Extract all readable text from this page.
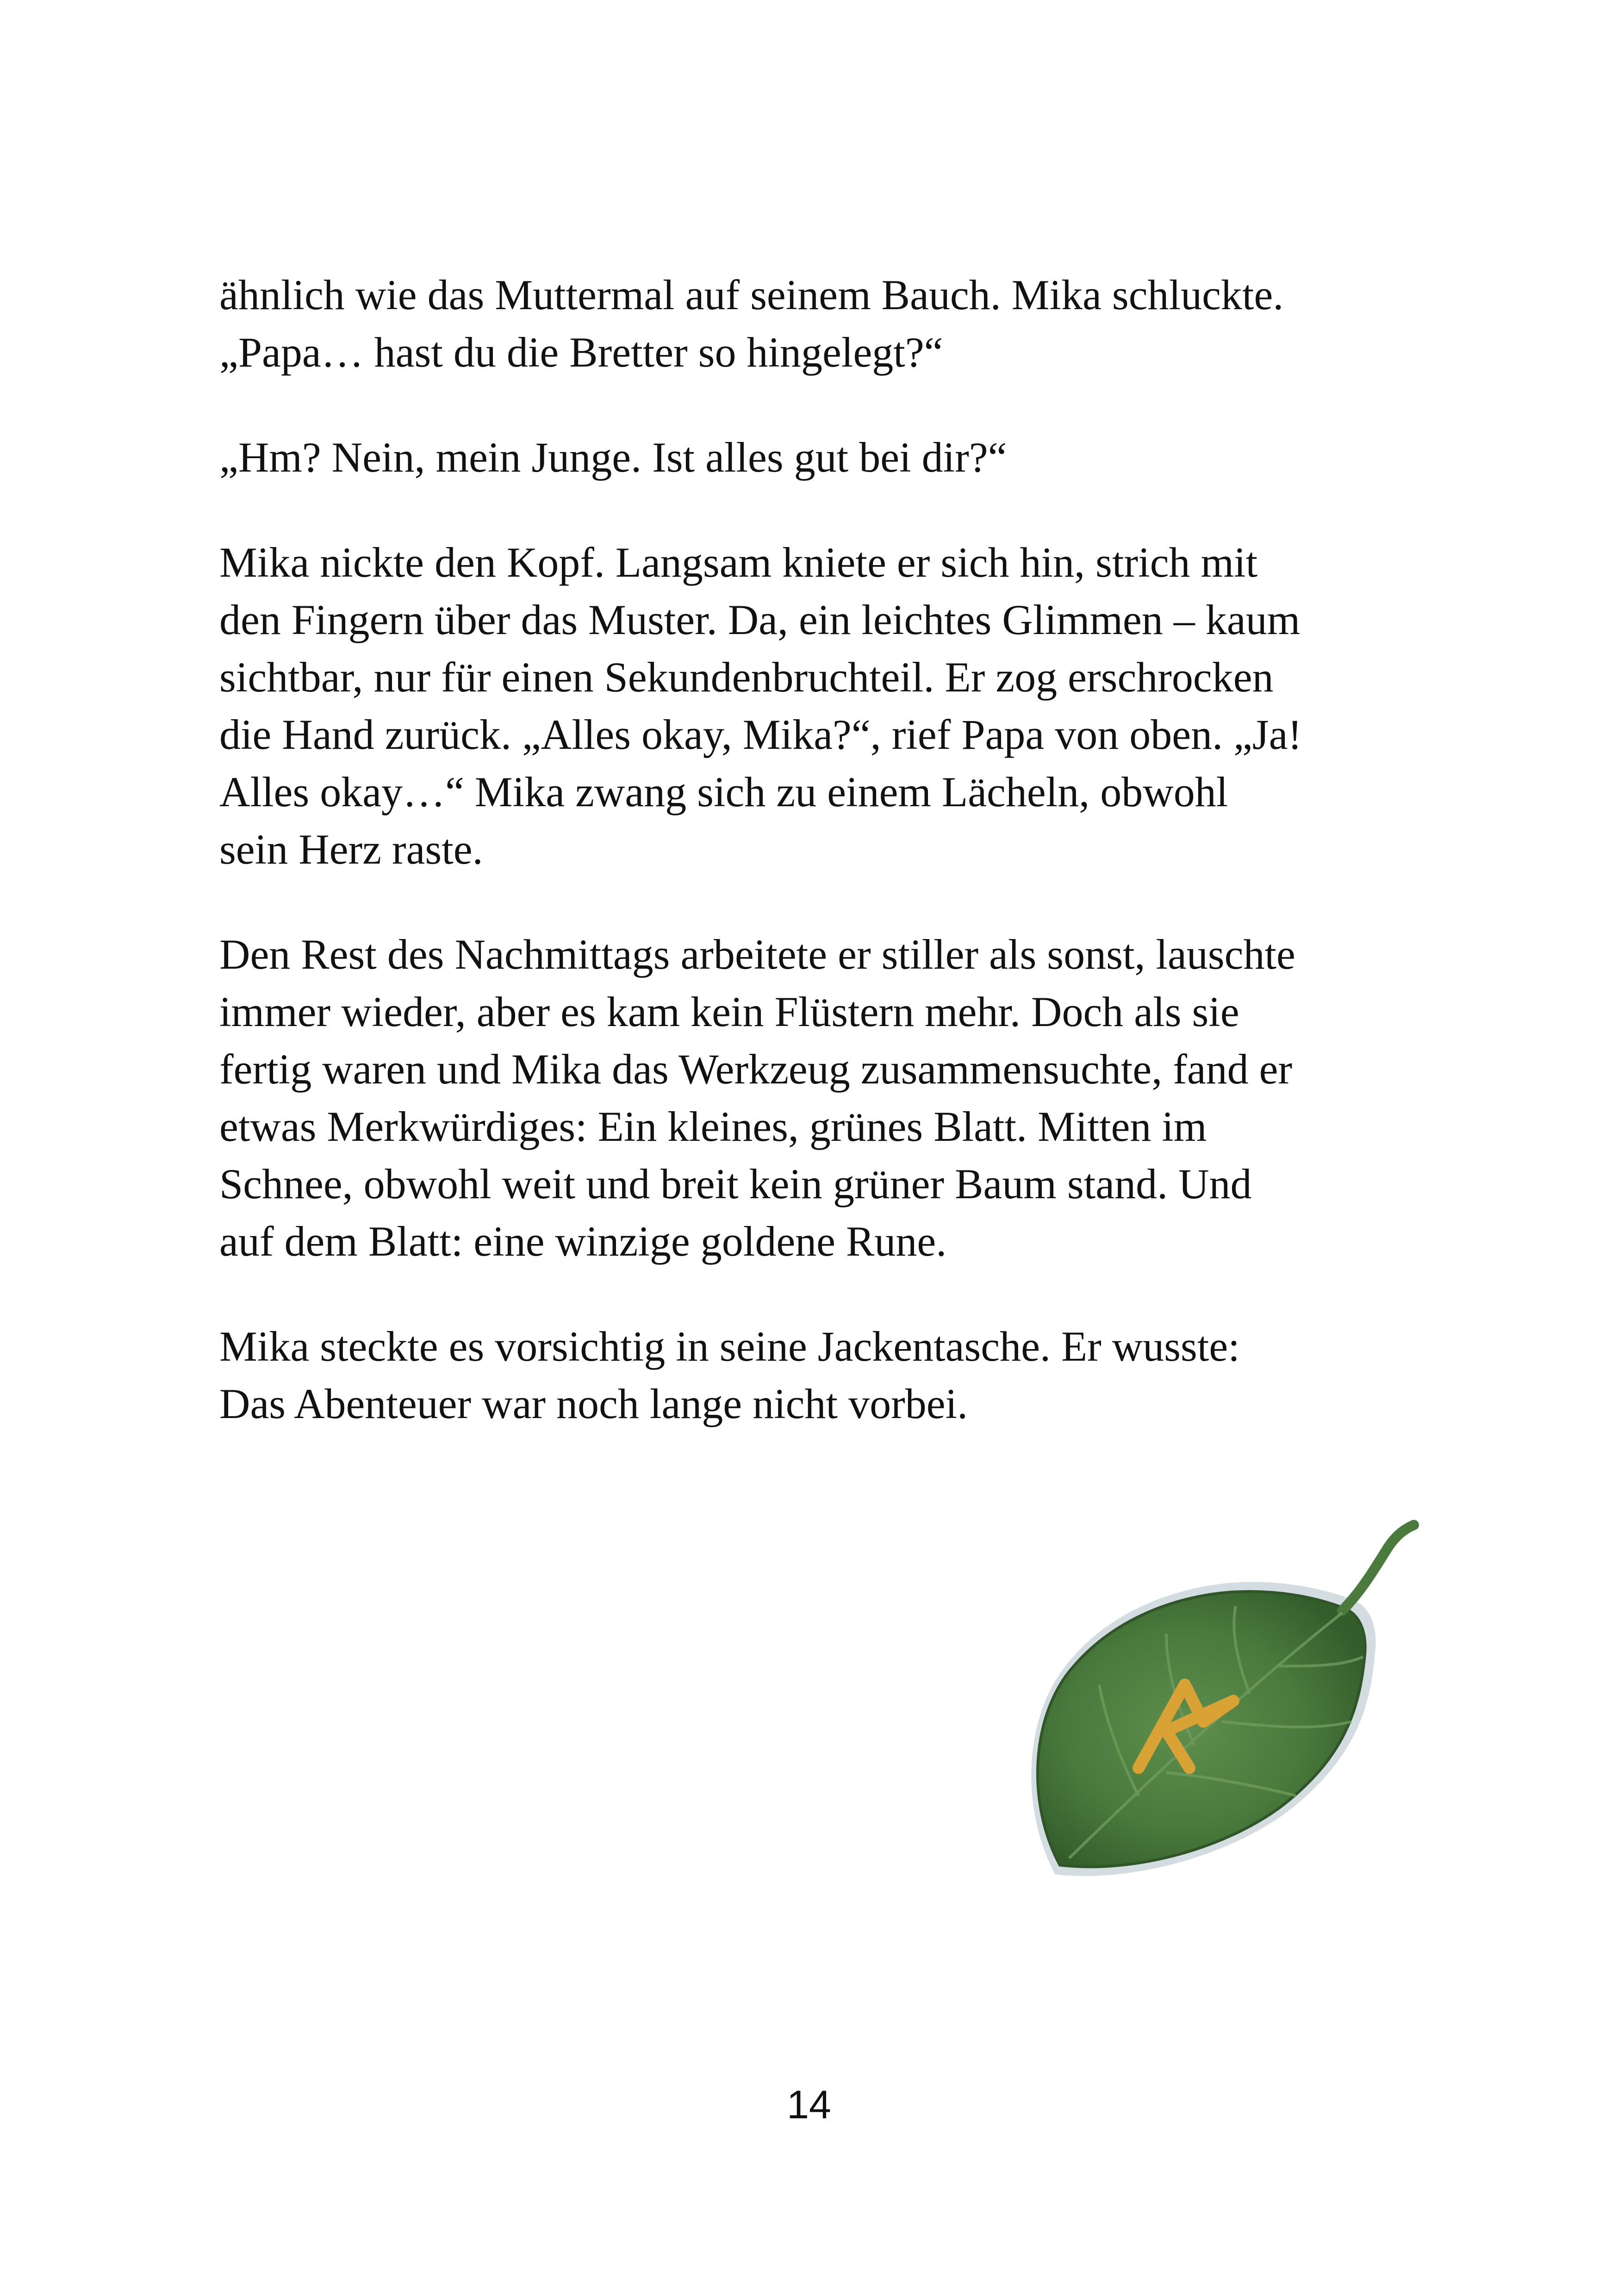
ähnlich wie das Muttermal auf seinem Bauch. Mika schluckte.
„Papa… hast du die Bretter so hingelegt?“

„Hm? Nein, mein Junge. Ist alles gut bei dir?“

Mika nickte den Kopf. Langsam kniete er sich hin, strich mit
den Fingern über das Muster. Da, ein leichtes Glimmen – kaum
sichtbar, nur für einen Sekundenbruchteil. Er zog erschrocken
die Hand zurück. „Alles okay, Mika?“, rief Papa von oben. „Ja!
Alles okay…“ Mika zwang sich zu einem Lächeln, obwohl
sein Herz raste.

Den Rest des Nachmittags arbeitete er stiller als sonst, lauschte
immer wieder, aber es kam kein Flüstern mehr. Doch als sie
fertig waren und Mika das Werkzeug zusammensuchte, fand er
etwas Merkwürdiges: Ein kleines, grünes Blatt. Mitten im
Schnee, obwohl weit und breit kein grüner Baum stand. Und
auf dem Blatt: eine winzige goldene Rune.

Mika steckte es vorsichtig in seine Jackentasche. Er wusste:
Das Abenteuer war noch lange nicht vorbei.

14
